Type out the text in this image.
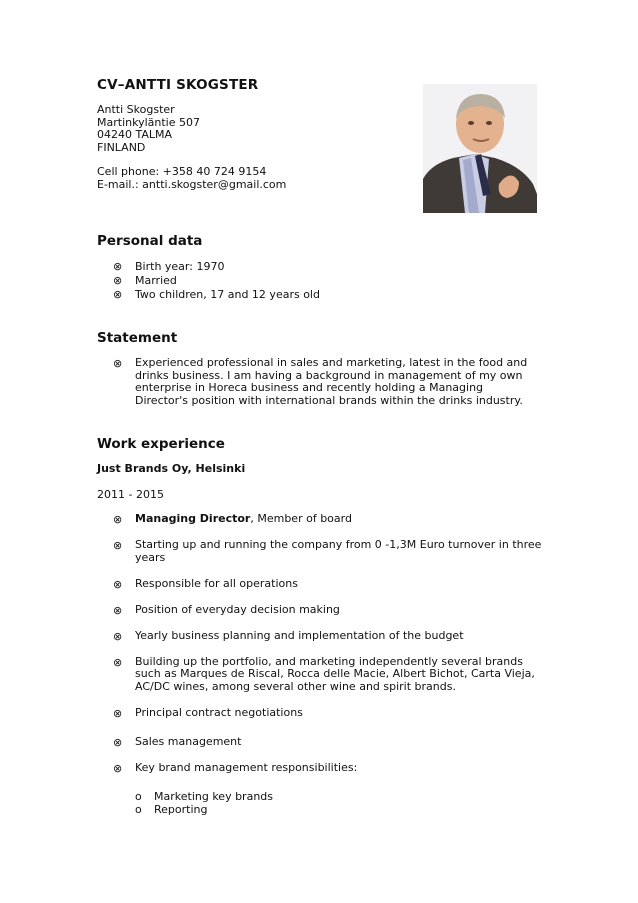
CV–ANTTI SKOGSTER
Antti Skogster
Martinkyläntie 507
04240 TALMA
FINLAND
Cell phone: +358 40 724 9154
E-mail.: antti.skogster@gmail.com
Personal data
⊗ Birth year: 1970
⊗ Married
⊗ Two children, 17 and 12 years old
Statement
⊗ Experienced professional in sales and marketing, latest in the food and drinks business. I am having a background in management of my own enterprise in Horeca business and recently holding a Managing Director's position with international brands within the drinks industry.
Work experience
Just Brands Oy, Helsinki
2011 - 2015
⊗ Managing Director, Member of board
⊗ Starting up and running the company from 0 -1,3M Euro turnover in three years
⊗ Responsible for all operations
⊗ Position of everyday decision making
⊗ Yearly business planning and implementation of the budget
⊗ Building up the portfolio, and marketing independently several brands such as Marques de Riscal, Rocca delle Macie, Albert Bichot, Carta Vieja, AC/DC wines, among several other wine and spirit brands.
⊗ Principal contract negotiations
⊗ Sales management
⊗ Key brand management responsibilities:
o Marketing key brands
o Reporting
